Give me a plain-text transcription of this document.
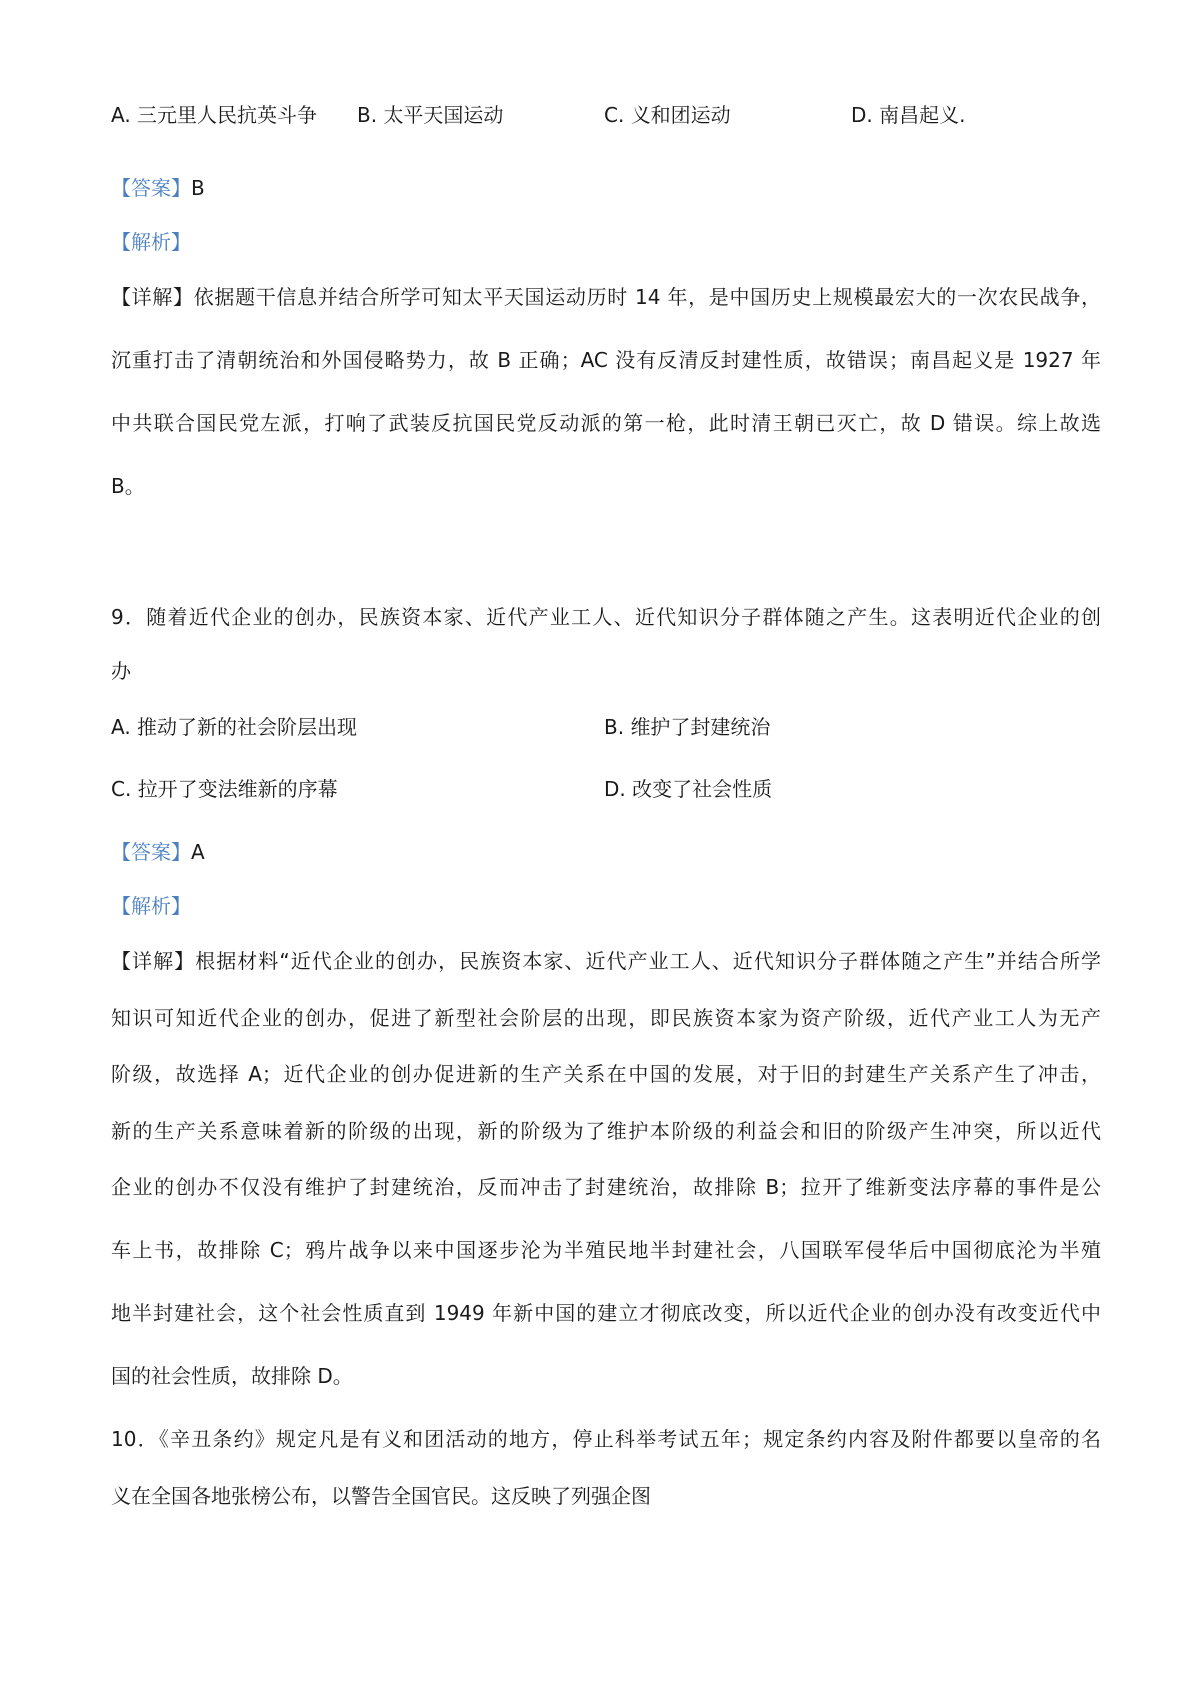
A. 三元里人民抗英斗争 B. 太平天国运动	C. 义和团运动	D. 南昌起义.
【答案】B
【解析】
【详解】依据题干信息并结合所学可知太平天国运动历时 14 年，是中国历史上规模最宏大的一次农民战争，
沉重打击了清朝统治和外国侵略势力，故 B 正确；AC 没有反清反封建性质，故错误；南昌起义是 1927 年
中共联合国民党左派，打响了武装反抗国民党反动派的第一枪，此时清王朝已灭亡，故 D 错误。综上故选
B。
9．随着近代企业的创办，民族资本家、近代产业工人、近代知识分子群体随之产生。这表明近代企业的创
办
A. 推动了新的社会阶层出现	B. 维护了封建统治
C. 拉开了变法维新的序幕	D. 改变了社会性质
【答案】A
【解析】
【详解】根据材料“近代企业的创办，民族资本家、近代产业工人、近代知识分子群体随之产生”并结合所学
知识可知近代企业的创办，促进了新型社会阶层的出现，即民族资本家为资产阶级，近代产业工人为无产
阶级，故选择 A；近代企业的创办促进新的生产关系在中国的发展，对于旧的封建生产关系产生了冲击，
新的生产关系意味着新的阶级的出现，新的阶级为了维护本阶级的利益会和旧的阶级产生冲突，所以近代
企业的创办不仅没有维护了封建统治，反而冲击了封建统治，故排除 B；拉开了维新变法序幕的事件是公
车上书，故排除 C；鸦片战争以来中国逐步沦为半殖民地半封建社会，八国联军侵华后中国彻底沦为半殖
地半封建社会，这个社会性质直到 1949 年新中国的建立才彻底改变，所以近代企业的创办没有改变近代中
国的社会性质，故排除 D。
10．《辛丑条约》规定凡是有义和团活动的地方，停止科举考试五年；规定条约内容及附件都要以皇帝的名
义在全国各地张榜公布，以警告全国官民。这反映了列强企图
